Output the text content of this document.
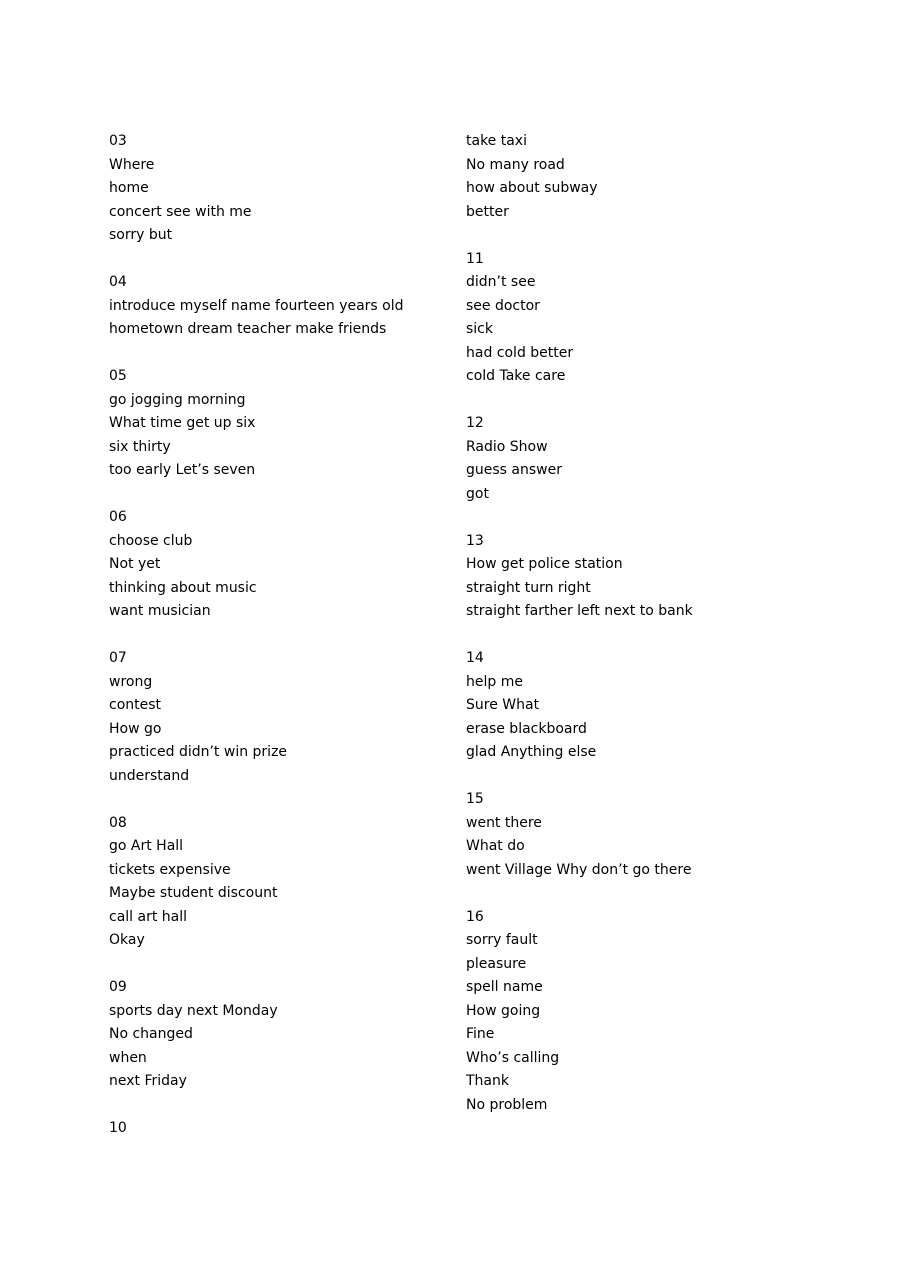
03
Where
home
concert see with me
sorry but
04
introduce myself name fourteen years old
hometown dream teacher make friends
05
go jogging morning
What time get up six
six thirty
too early Let’s seven
06
choose club
Not yet
thinking about music
want musician
07
wrong
contest
How go
practiced didn’t win prize
understand
08
go Art Hall
tickets expensive
Maybe student discount
call art hall
Okay
09
sports day next Monday
No changed
when
next Friday
10
take taxi
No many road
how about subway
better
11
didn’t see
see doctor
sick
had cold better
cold Take care
12
Radio Show
guess answer
got
13
How get police station
straight turn right
straight farther left next to bank
14
help me
Sure What
erase blackboard
glad Anything else
15
went there
What do
went Village Why don’t go there
16
sorry fault
pleasure
spell name
How going
Fine
Who’s calling
Thank
No problem
